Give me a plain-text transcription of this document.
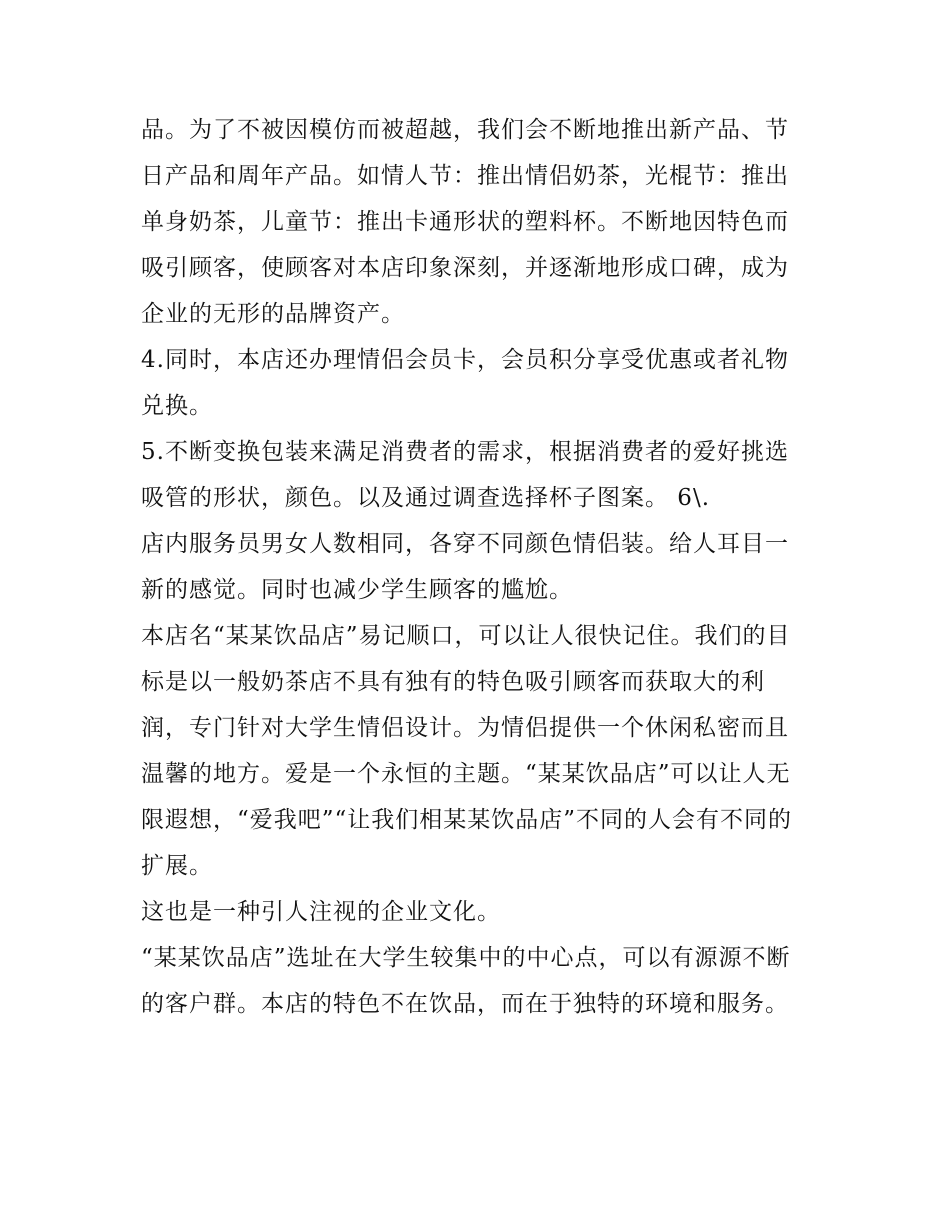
品。为了不被因模仿而被超越，我们会不断地推出新产品、节
日产品和周年产品。如情人节：推出情侣奶茶，光棍节：推出
单身奶茶，儿童节：推出卡通形状的塑料杯。不断地因特色而
吸引顾客，使顾客对本店印象深刻，并逐渐地形成口碑，成为
企业的无形的品牌资产。
4.同时，本店还办理情侣会员卡，会员积分享受优惠或者礼物
兑换。
5.不断变换包装来满足消费者的需求，根据消费者的爱好挑选
吸管的形状，颜色。以及通过调查选择杯子图案。 6\.
店内服务员男女人数相同，各穿不同颜色情侣装。给人耳目一
新的感觉。同时也减少学生顾客的尴尬。
本店名“某某饮品店”易记顺口，可以让人很快记住。我们的目
标是以一般奶茶店不具有独有的特色吸引顾客而获取大的利
润，专门针对大学生情侣设计。为情侣提供一个休闲私密而且
温馨的地方。爱是一个永恒的主题。“某某饮品店”可以让人无
限遐想，“爱我吧”“让我们相某某饮品店”不同的人会有不同的
扩展。
这也是一种引人注视的企业文化。
“某某饮品店”选址在大学生较集中的中心点，可以有源源不断
的客户群。本店的特色不在饮品，而在于独特的环境和服务。
